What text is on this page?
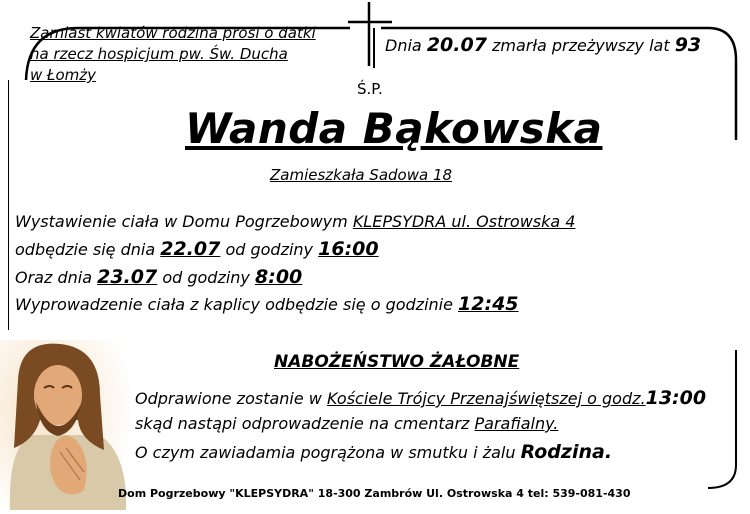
Zamiast kwiatów rodzina prosi o datki
na rzecz hospicjum pw. Św. Ducha
w Łomży
Dnia 20.07 zmarła przeżywszy lat 93
Ś.P.
Wanda Bąkowska
Zamieszkała Sadowa 18
Wystawienie ciała w Domu Pogrzebowym KLEPSYDRA ul. Ostrowska 4
odbędzie się dnia 22.07 od godziny 16:00
Oraz dnia 23.07 od godziny 8:00
Wyprowadzenie ciała z kaplicy odbędzie się o godzinie 12:45
NABOŻEŃSTWO ŻAŁOBNE
Odprawione zostanie w Kościele Trójcy Przenajświętszej o godz.13:00
skąd nastąpi odprowadzenie na cmentarz Parafialny.
O czym zawiadamia pogrążona w smutku i żalu Rodzina.
Dom Pogrzebowy "KLEPSYDRA" 18-300 Zambrów Ul. Ostrowska 4 tel: 539-081-430
